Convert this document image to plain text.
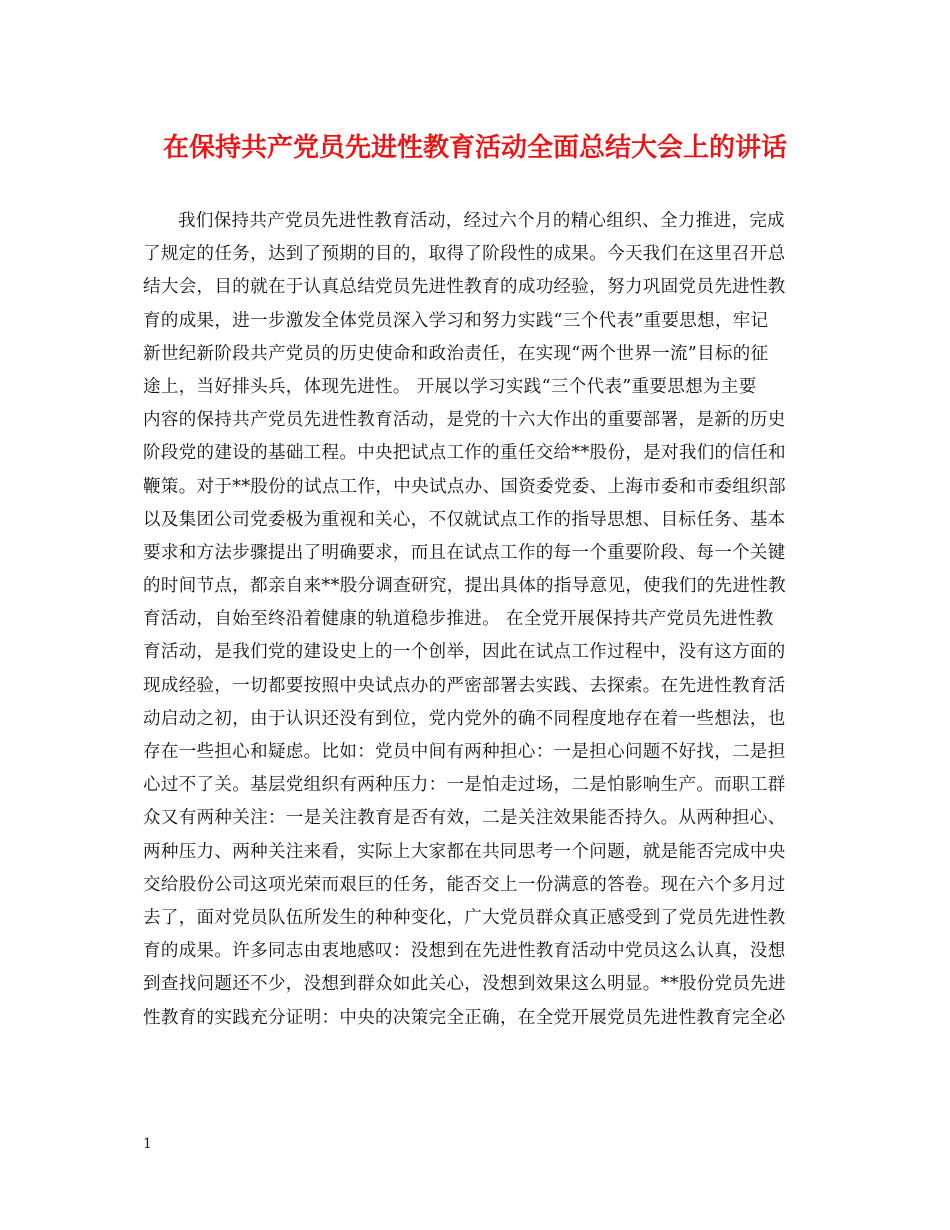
在保持共产党员先进性教育活动全面总结大会上的讲话
我们保持共产党员先进性教育活动，经过六个月的精心组织、全力推进，完成
了规定的任务，达到了预期的目的，取得了阶段性的成果。今天我们在这里召开总
结大会，目的就在于认真总结党员先进性教育的成功经验，努力巩固党员先进性教
育的成果，进一步激发全体党员深入学习和努力实践“三个代表”重要思想，牢记
新世纪新阶段共产党员的历史使命和政治责任，在实现“两个世界一流”目标的征
途上，当好排头兵，体现先进性。 开展以学习实践“三个代表”重要思想为主要
内容的保持共产党员先进性教育活动，是党的十六大作出的重要部署，是新的历史
阶段党的建设的基础工程。中央把试点工作的重任交给**股份，是对我们的信任和
鞭策。对于**股份的试点工作，中央试点办、国资委党委、上海市委和市委组织部
以及集团公司党委极为重视和关心，不仅就试点工作的指导思想、目标任务、基本
要求和方法步骤提出了明确要求，而且在试点工作的每一个重要阶段、每一个关键
的时间节点，都亲自来**股分调查研究，提出具体的指导意见，使我们的先进性教
育活动，自始至终沿着健康的轨道稳步推进。 在全党开展保持共产党员先进性教
育活动，是我们党的建设史上的一个创举，因此在试点工作过程中，没有这方面的
现成经验，一切都要按照中央试点办的严密部署去实践、去探索。在先进性教育活
动启动之初，由于认识还没有到位，党内党外的确不同程度地存在着一些想法，也
存在一些担心和疑虑。比如：党员中间有两种担心：一是担心问题不好找，二是担
心过不了关。基层党组织有两种压力：一是怕走过场，二是怕影响生产。而职工群
众又有两种关注：一是关注教育是否有效，二是关注效果能否持久。从两种担心、
两种压力、两种关注来看，实际上大家都在共同思考一个问题，就是能否完成中央
交给股份公司这项光荣而艰巨的任务，能否交上一份满意的答卷。现在六个多月过
去了，面对党员队伍所发生的种种变化，广大党员群众真正感受到了党员先进性教
育的成果。许多同志由衷地感叹：没想到在先进性教育活动中党员这么认真，没想
到查找问题还不少，没想到群众如此关心，没想到效果这么明显。**股份党员先进
性教育的实践充分证明：中央的决策完全正确，在全党开展党员先进性教育完全必
1
